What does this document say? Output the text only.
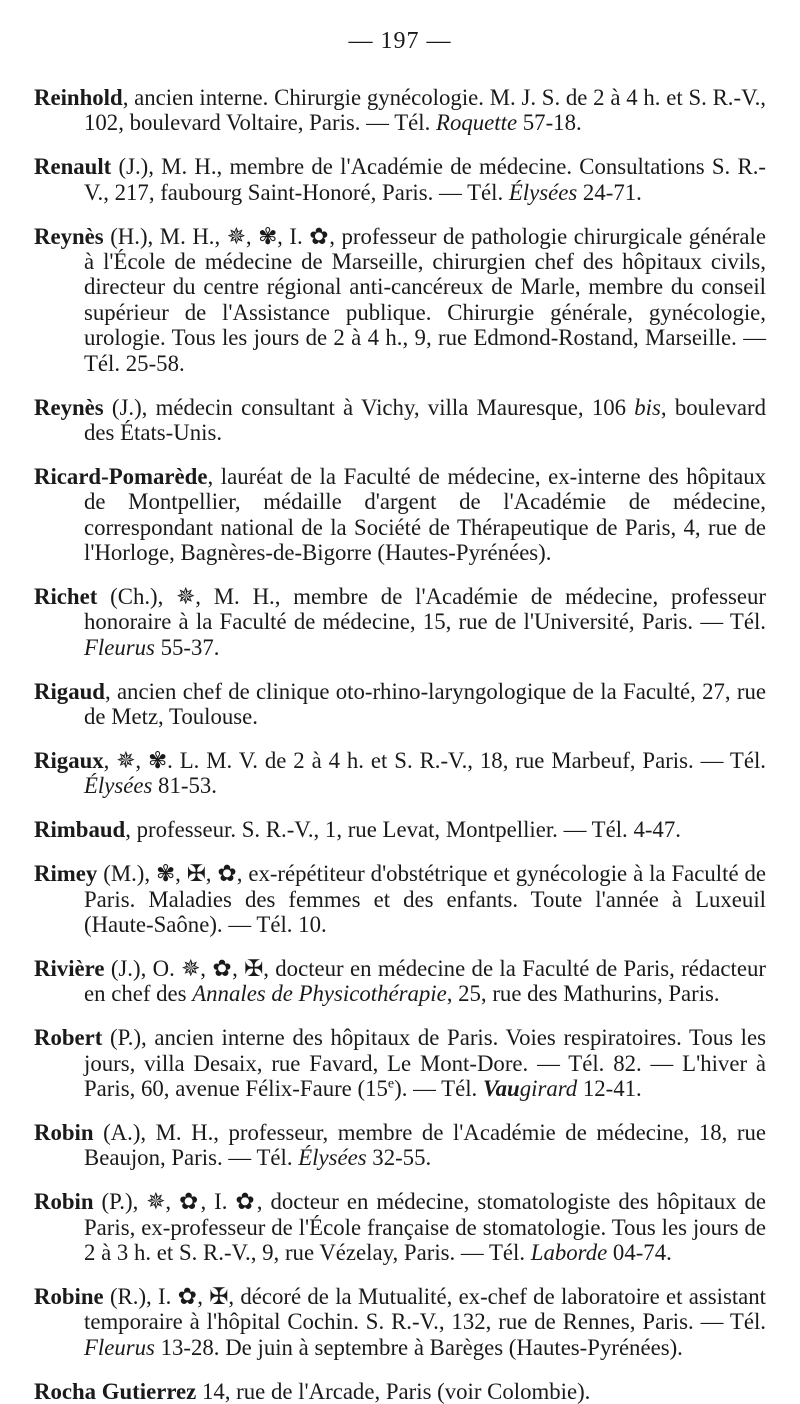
— 197 —

Reinhold, ancien interne. Chirurgie gynécologie. M. J. S. de 2 à 4 h. et S. R.-V., 102, boulevard Voltaire, Paris. — Tél. Roquette 57-18.

Renault (J.), M. H., membre de l'Académie de médecine. Consultations S. R.-V., 217, faubourg Saint-Honoré, Paris. — Tél. Élysées 24-71.

Reynès (H.), M. H., ✵, ✾, I. ✿, professeur de pathologie chirurgicale générale à l'École de médecine de Marseille, chirurgien chef des hôpitaux civils, directeur du centre régional anti-cancéreux de Marle, membre du conseil supérieur de l'Assistance publique. Chirurgie générale, gynécologie, urologie. Tous les jours de 2 à 4 h., 9, rue Edmond-Rostand, Marseille. — Tél. 25-58.

Reynès (J.), médecin consultant à Vichy, villa Mauresque, 106 bis, boulevard des États-Unis.

Ricard-Pomarède, lauréat de la Faculté de médecine, ex-interne des hôpitaux de Montpellier, médaille d'argent de l'Académie de médecine, correspondant national de la Société de Thérapeutique de Paris, 4, rue de l'Horloge, Bagnères-de-Bigorre (Hautes-Pyrénées).

Richet (Ch.), ✵, M. H., membre de l'Académie de médecine, professeur honoraire à la Faculté de médecine, 15, rue de l'Université, Paris. — Tél. Fleurus 55-37.

Rigaud, ancien chef de clinique oto-rhino-laryngologique de la Faculté, 27, rue de Metz, Toulouse.

Rigaux, ✵, ✾. L. M. V. de 2 à 4 h. et S. R.-V., 18, rue Marbeuf, Paris. — Tél. Élysées 81-53.

Rimbaud, professeur. S. R.-V., 1, rue Levat, Montpellier. — Tél. 4-47.

Rimey (M.), ✾, ✠, ✿, ex-répétiteur d'obstétrique et gynécologie à la Faculté de Paris. Maladies des femmes et des enfants. Toute l'année à Luxeuil (Haute-Saône). — Tél. 10.

Rivière (J.), O. ✵, ✿, ✠, docteur en médecine de la Faculté de Paris, rédacteur en chef des Annales de Physicothérapie, 25, rue des Mathurins, Paris.

Robert (P.), ancien interne des hôpitaux de Paris. Voies respiratoires. Tous les jours, villa Desaix, rue Favard, Le Mont-Dore. — Tél. 82. — L'hiver à Paris, 60, avenue Félix-Faure (15e). — Tél. Vaugirard 12-41.

Robin (A.), M. H., professeur, membre de l'Académie de médecine, 18, rue Beaujon, Paris. — Tél. Élysées 32-55.

Robin (P.), ✵, ✿, I. ✿, docteur en médecine, stomatologiste des hôpitaux de Paris, ex-professeur de l'École française de stomatologie. Tous les jours de 2 à 3 h. et S. R.-V., 9, rue Vézelay, Paris. — Tél. Laborde 04-74.

Robine (R.), I. ✿, ✠, décoré de la Mutualité, ex-chef de laboratoire et assistant temporaire à l'hôpital Cochin. S. R.-V., 132, rue de Rennes, Paris. — Tél. Fleurus 13-28. De juin à septembre à Barèges (Hautes-Pyrénées).

Rocha Gutierrez 14, rue de l'Arcade, Paris (voir Colombie).
